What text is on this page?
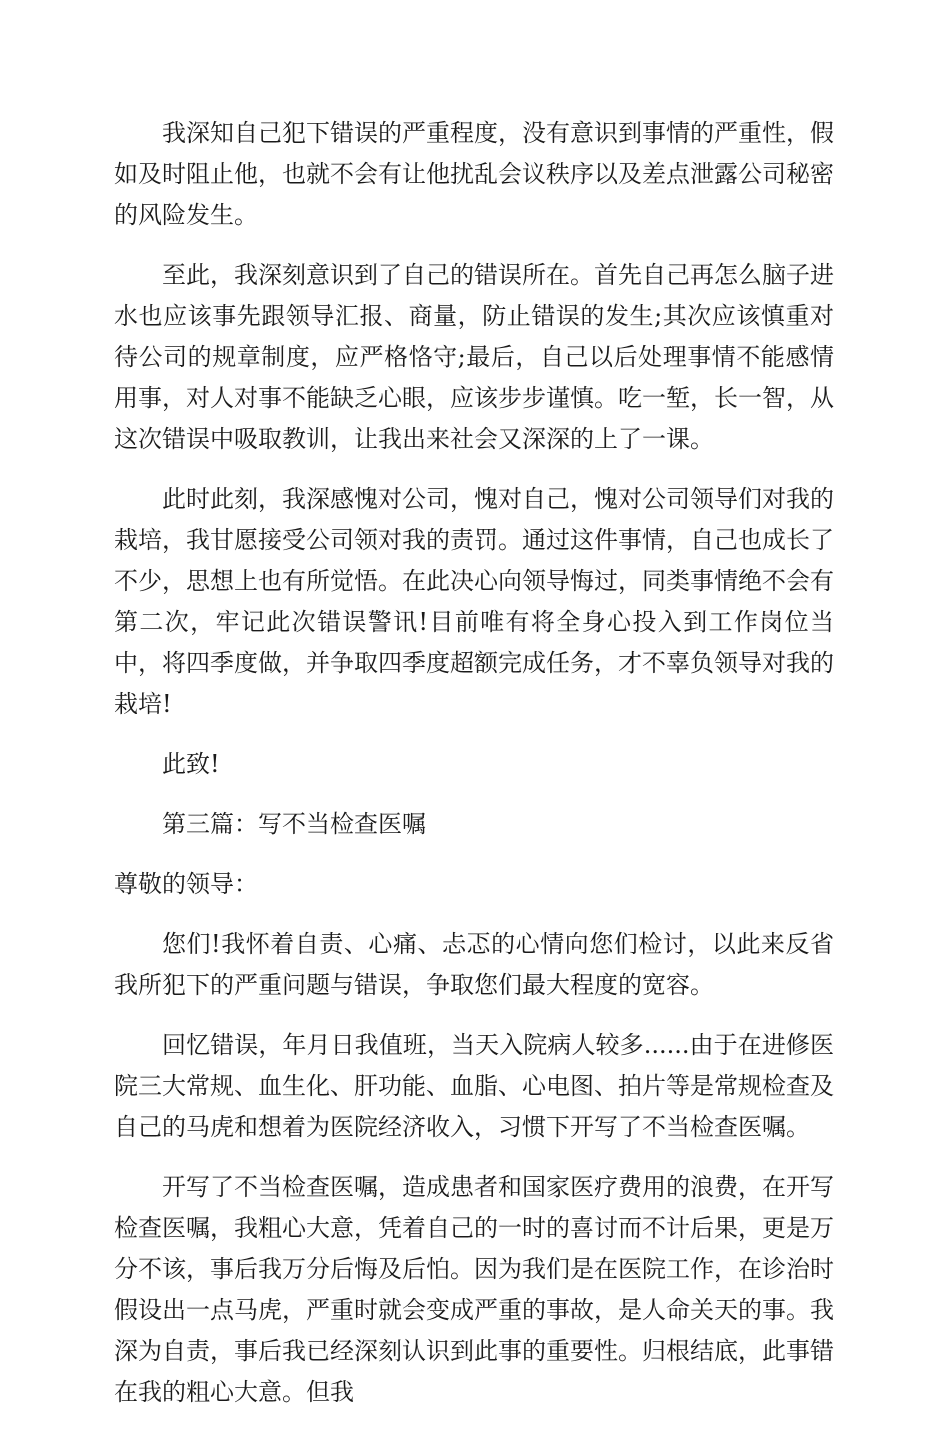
我深知自己犯下错误的严重程度，没有意识到事情的严重性，假如及时阻止他，也就不会有让他扰乱会议秩序以及差点泄露公司秘密的风险发生。

至此，我深刻意识到了自己的错误所在。首先自己再怎么脑子进水也应该事先跟领导汇报、商量，防止错误的发生;其次应该慎重对待公司的规章制度，应严格恪守;最后，自己以后处理事情不能感情用事，对人对事不能缺乏心眼，应该步步谨慎。吃一堑，长一智，从这次错误中吸取教训，让我出来社会又深深的上了一课。

此时此刻，我深感愧对公司，愧对自己，愧对公司领导们对我的栽培，我甘愿接受公司领对我的责罚。通过这件事情，自己也成长了不少，思想上也有所觉悟。在此决心向领导悔过，同类事情绝不会有第二次，牢记此次错误警讯!目前唯有将全身心投入到工作岗位当中，将四季度做，并争取四季度超额完成任务，才不辜负领导对我的栽培!

此致!

第三篇：写不当检查医嘱

尊敬的领导：

您们!我怀着自责、心痛、忐忑的心情向您们检讨，以此来反省我所犯下的严重问题与错误，争取您们最大程度的宽容。

回忆错误，年月日我值班，当天入院病人较多......由于在进修医院三大常规、血生化、肝功能、血脂、心电图、拍片等是常规检查及自己的马虎和想着为医院经济收入，习惯下开写了不当检查医嘱。

开写了不当检查医嘱，造成患者和国家医疗费用的浪费，在开写检查医嘱，我粗心大意，凭着自己的一时的喜讨而不计后果，更是万分不该，事后我万分后悔及后怕。因为我们是在医院工作，在诊治时假设出一点马虎，严重时就会变成严重的事故，是人命关天的事。我深为自责，事后我已经深刻认识到此事的重要性。归根结底，此事错在我的粗心大意。但我
